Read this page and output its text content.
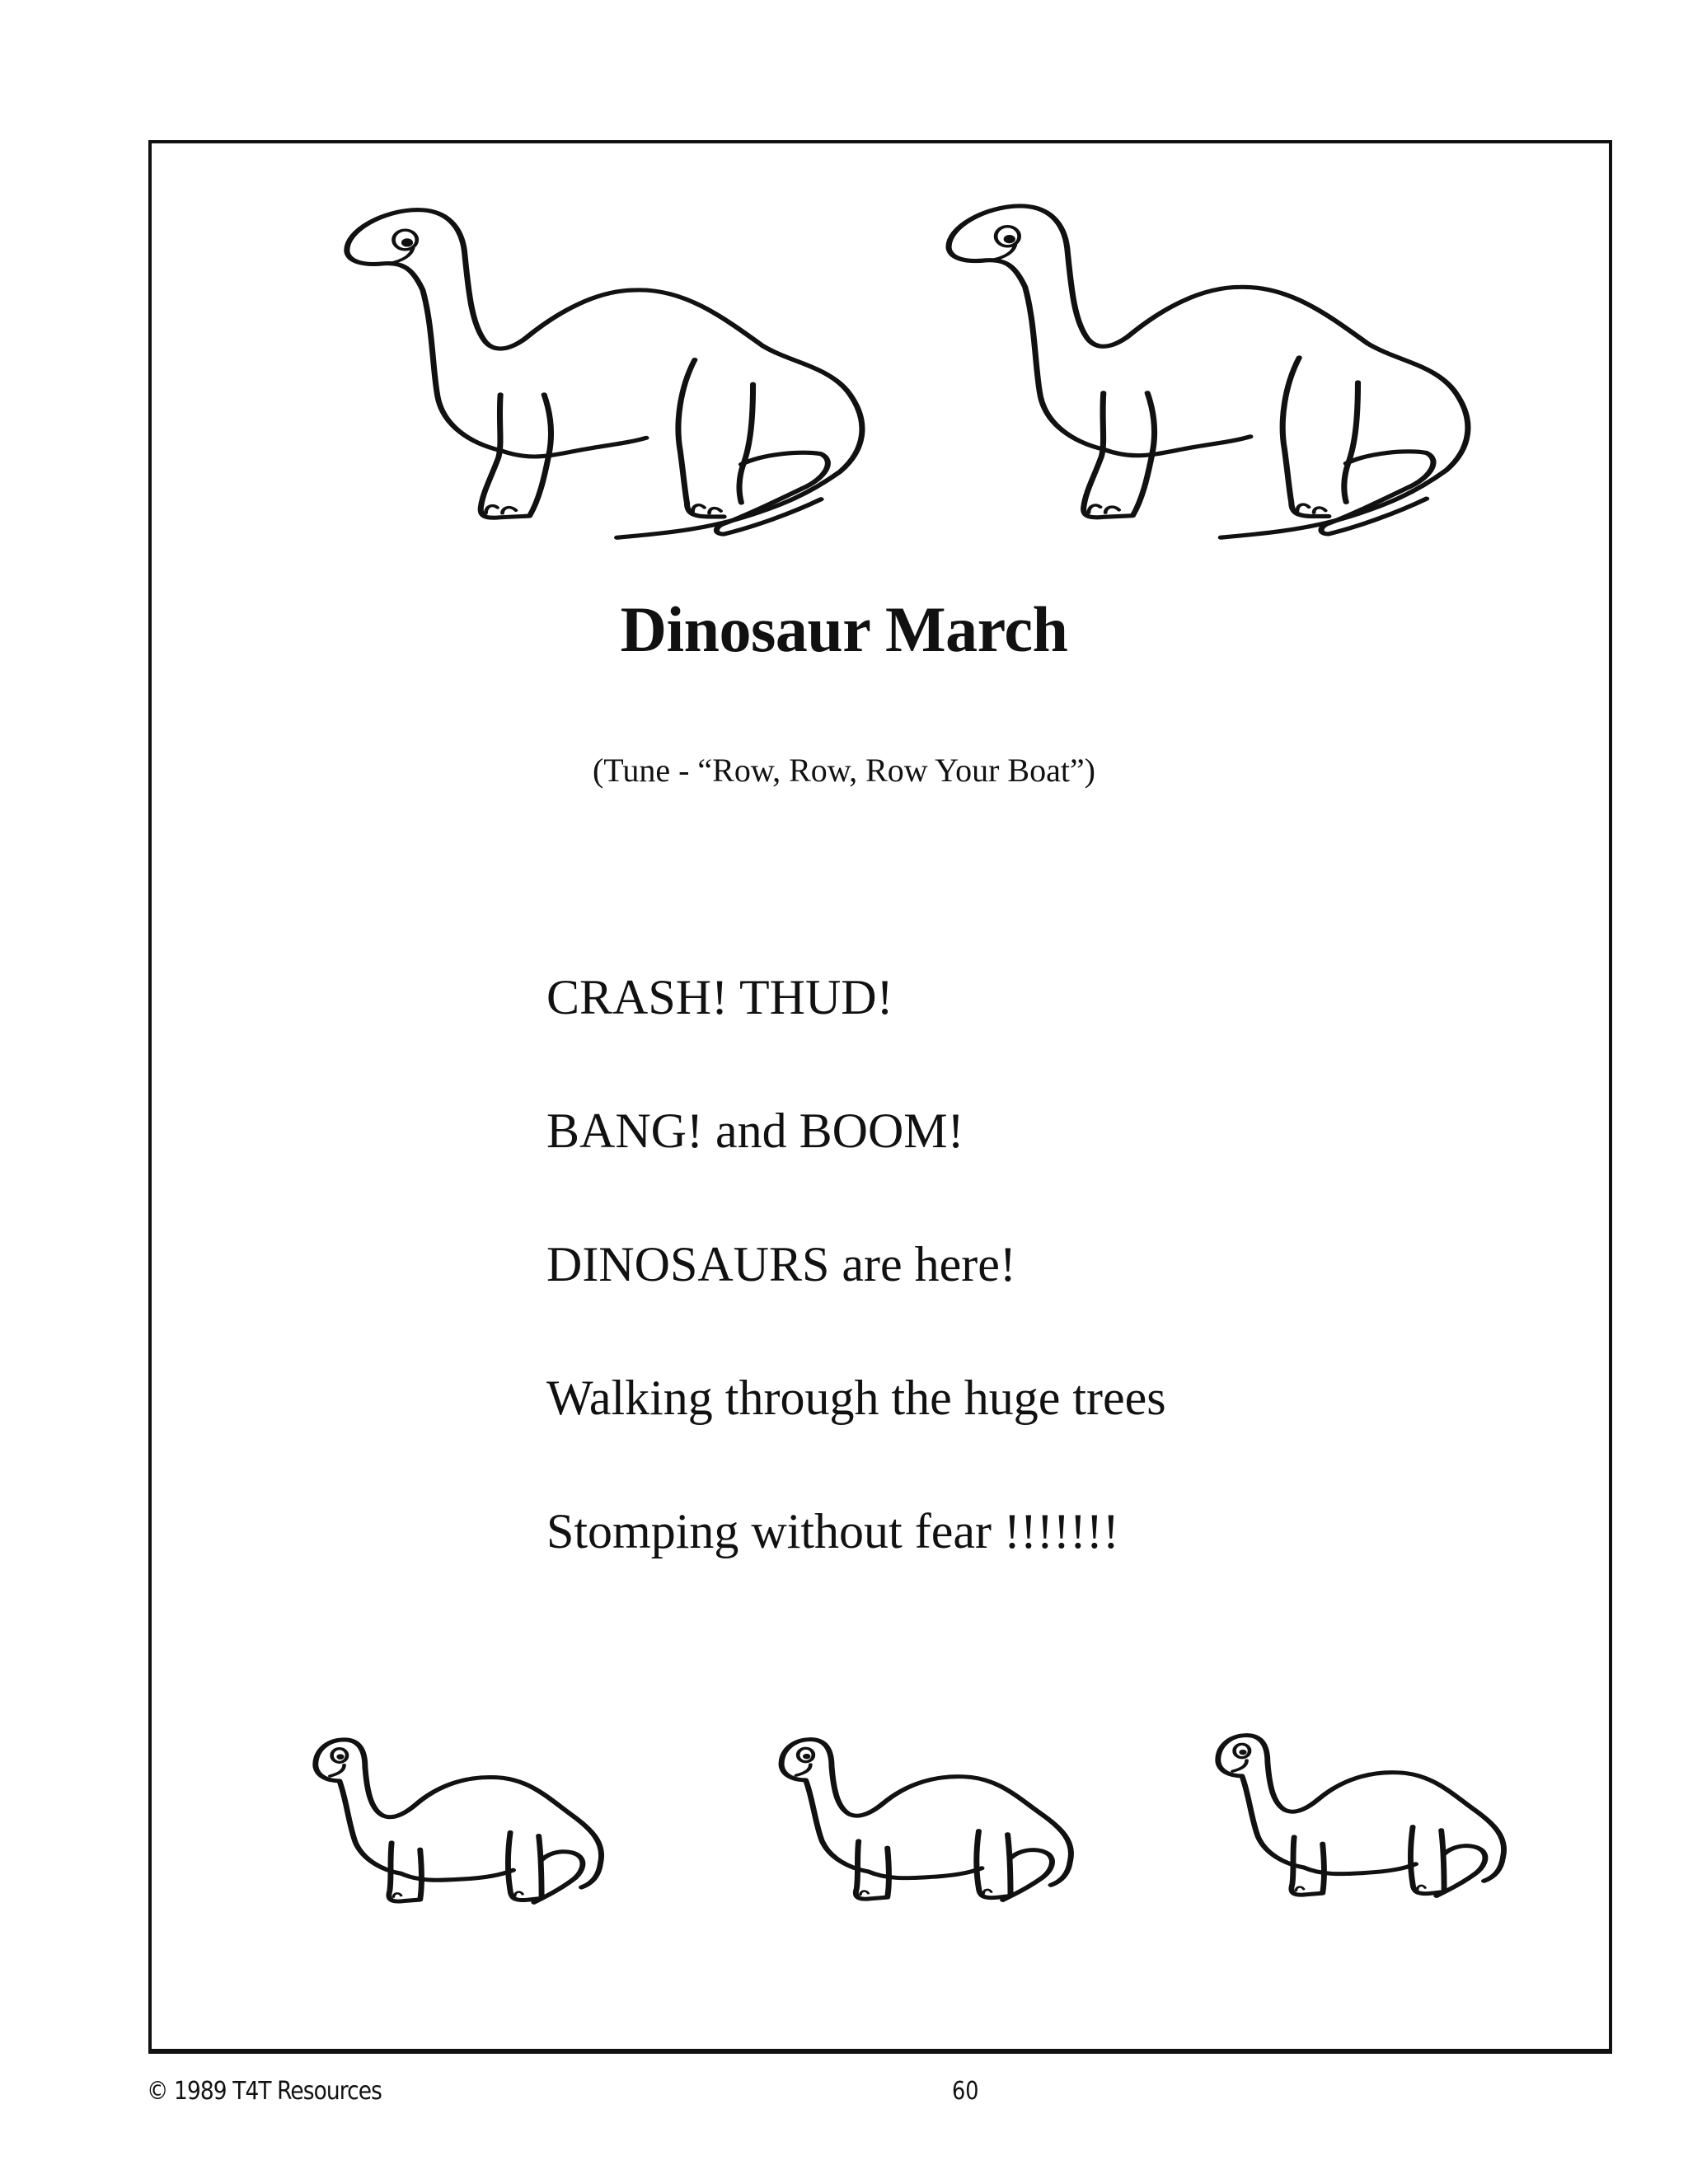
Dinosaur March
(Tune - “Row, Row, Row Your Boat”)
CRASH! THUD!
BANG! and BOOM!
DINOSAURS are here!
Walking through the huge trees
Stomping without fear !!!!!!!
© 1989 T4T Resources	60
